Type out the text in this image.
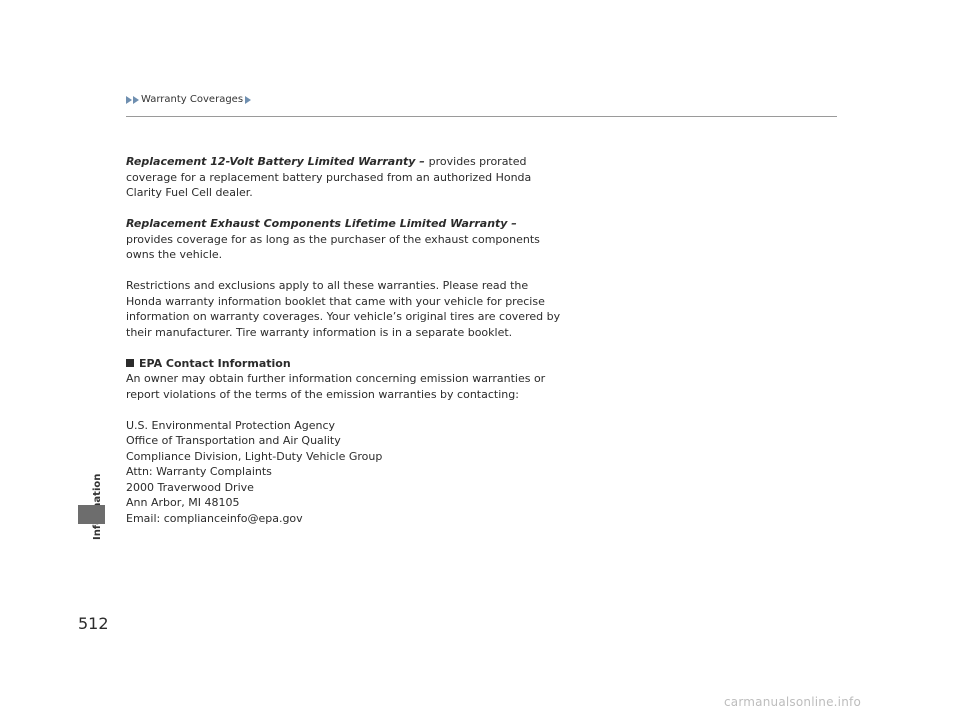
Warranty Coverages

Replacement 12-Volt Battery Limited Warranty – provides prorated coverage for a replacement battery purchased from an authorized Honda Clarity Fuel Cell dealer.

Replacement Exhaust Components Lifetime Limited Warranty – provides coverage for as long as the purchaser of the exhaust components owns the vehicle.

Restrictions and exclusions apply to all these warranties. Please read the Honda warranty information booklet that came with your vehicle for precise information on warranty coverages. Your vehicle’s original tires are covered by their manufacturer. Tire warranty information is in a separate booklet.

EPA Contact Information

An owner may obtain further information concerning emission warranties or report violations of the terms of the emission warranties by contacting:

U.S. Environmental Protection Agency
Office of Transportation and Air Quality
Compliance Division, Light-Duty Vehicle Group
Attn: Warranty Complaints
2000 Traverwood Drive
Ann Arbor, MI 48105
Email: complianceinfo@epa.gov
512
carmanualsonline.info
